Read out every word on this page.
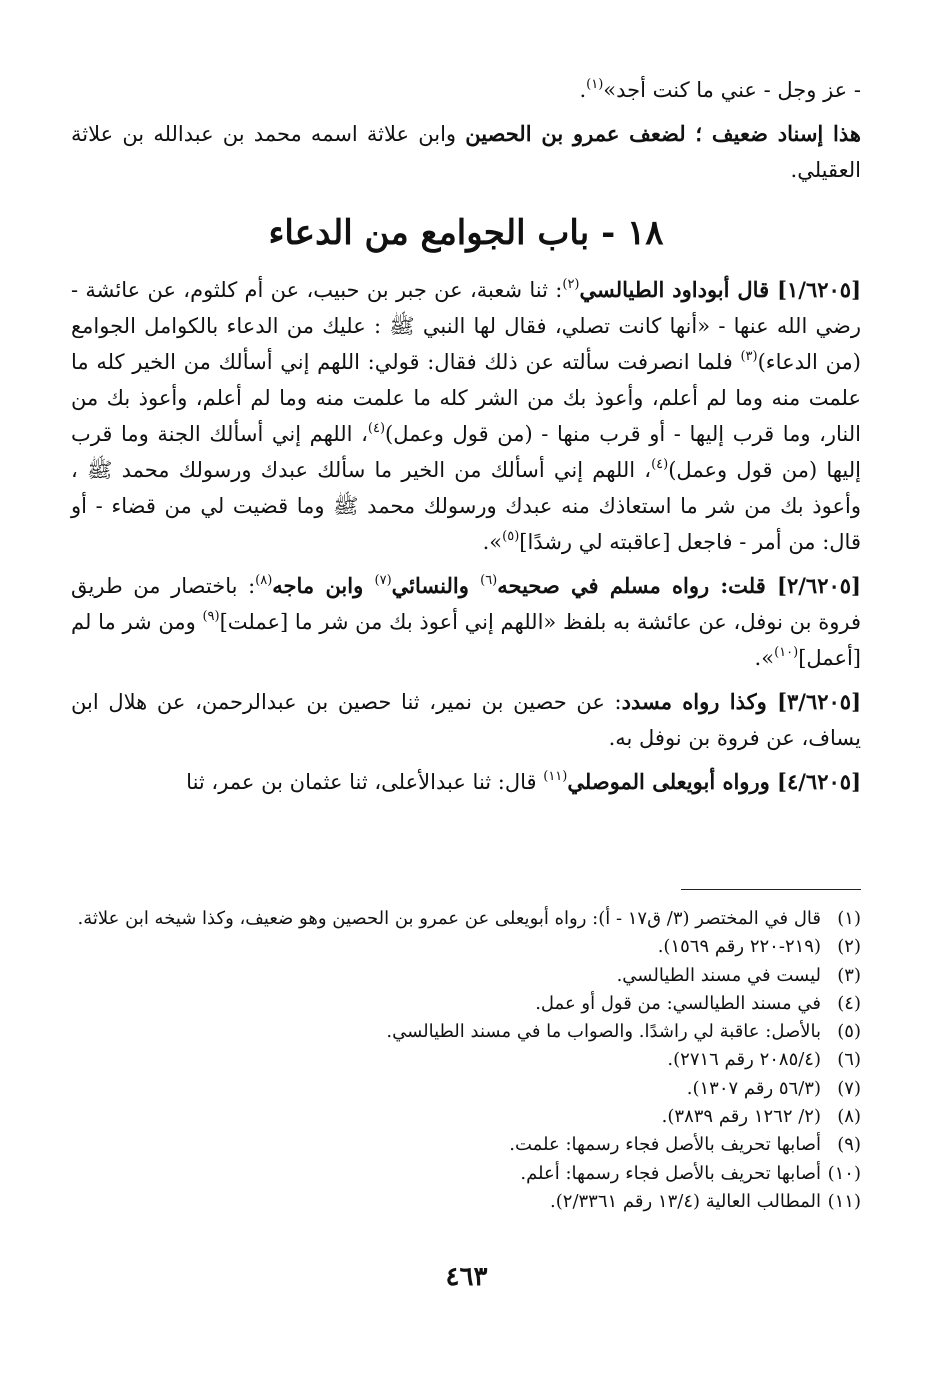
- عز وجل - عني ما كنت أجد»$^{(١)}$.

هذا إسناد ضعيف ؛ لضعف عمرو بن الحصين وابن علاثة اسمه محمد بن عبدالله بن علاثة العقيلي.

١٨ - باب الجوامع من الدعاء

[١/٦٢٠٥] قال أبوداود الطيالسي$^{(٢)}$: ثنا شعبة، عن جبر بن حبيب، عن أم كلثوم، عن عائشة - رضي الله عنها - «أنها كانت تصلي، فقال لها النبي ﷺ : عليك من الدعاء بالكوامل الجوامع (من الدعاء)$^{(٣)}$ فلما انصرفت سألته عن ذلك فقال: قولي: اللهم إني أسألك من الخير كله ما علمت منه وما لم أعلم، وأعوذ بك من الشر كله ما علمت منه وما لم أعلم، وأعوذ بك من النار، وما قرب إليها - أو قرب منها - (من قول وعمل)$^{(٤)}$، اللهم إني أسألك الجنة وما قرب إليها (من قول وعمل)$^{(٤)}$، اللهم إني أسألك من الخير ما سألك عبدك ورسولك محمد ﷺ ، وأعوذ بك من شر ما استعاذك منه عبدك ورسولك محمد ﷺ وما قضيت لي من قضاء - أو قال: من أمر - فاجعل [عاقبته لي رشدًا]$^{(٥)}$».

[٢/٦٢٠٥] قلت: رواه مسلم في صحيحه$^{(٦)}$ والنسائي$^{(٧)}$ وابن ماجه$^{(٨)}$: باختصار من طريق فروة بن نوفل، عن عائشة به بلفظ «اللهم إني أعوذ بك من شر ما [عملت]$^{(٩)}$ ومن شر ما لم [أعمل]$^{(١٠)}$».

[٣/٦٢٠٥] وكذا رواه مسدد: عن حصين بن نمير، ثنا حصين بن عبدالرحمن، عن هلال ابن يساف، عن فروة بن نوفل به.

[٤/٦٢٠٥] ورواه أبويعلى الموصلي$^{(١١)}$ قال: ثنا عبدالأعلى، ثنا عثمان بن عمر، ثنا

(١)
قال في المختصر (٣/ ق١٧ - أ): رواه أبويعلى عن عمرو بن الحصين وهو ضعيف، وكذا شيخه ابن علاثة.
(٢)
(٢١٩-٢٢٠ رقم ١٥٦٩).
(٣)
ليست في مسند الطيالسي.
(٤)
في مسند الطيالسي: من قول أو عمل.
(٥)
بالأصل: عاقبة لي راشدًا. والصواب ما في مسند الطيالسي.
(٦)
(٢٠٨٥/٤ رقم ٢٧١٦).
(٧)
(٥٦/٣ رقم ١٣٠٧).
(٨)
(٢/ ١٢٦٢ رقم ٣٨٣٩).
(٩)
أصابها تحريف بالأصل فجاء رسمها: علمت.
(١٠)
أصابها تحريف بالأصل فجاء رسمها: أعلم.
(١١)
المطالب العالية (١٣/٤ رقم ٢/٣٣٦١).
٤٦٣
